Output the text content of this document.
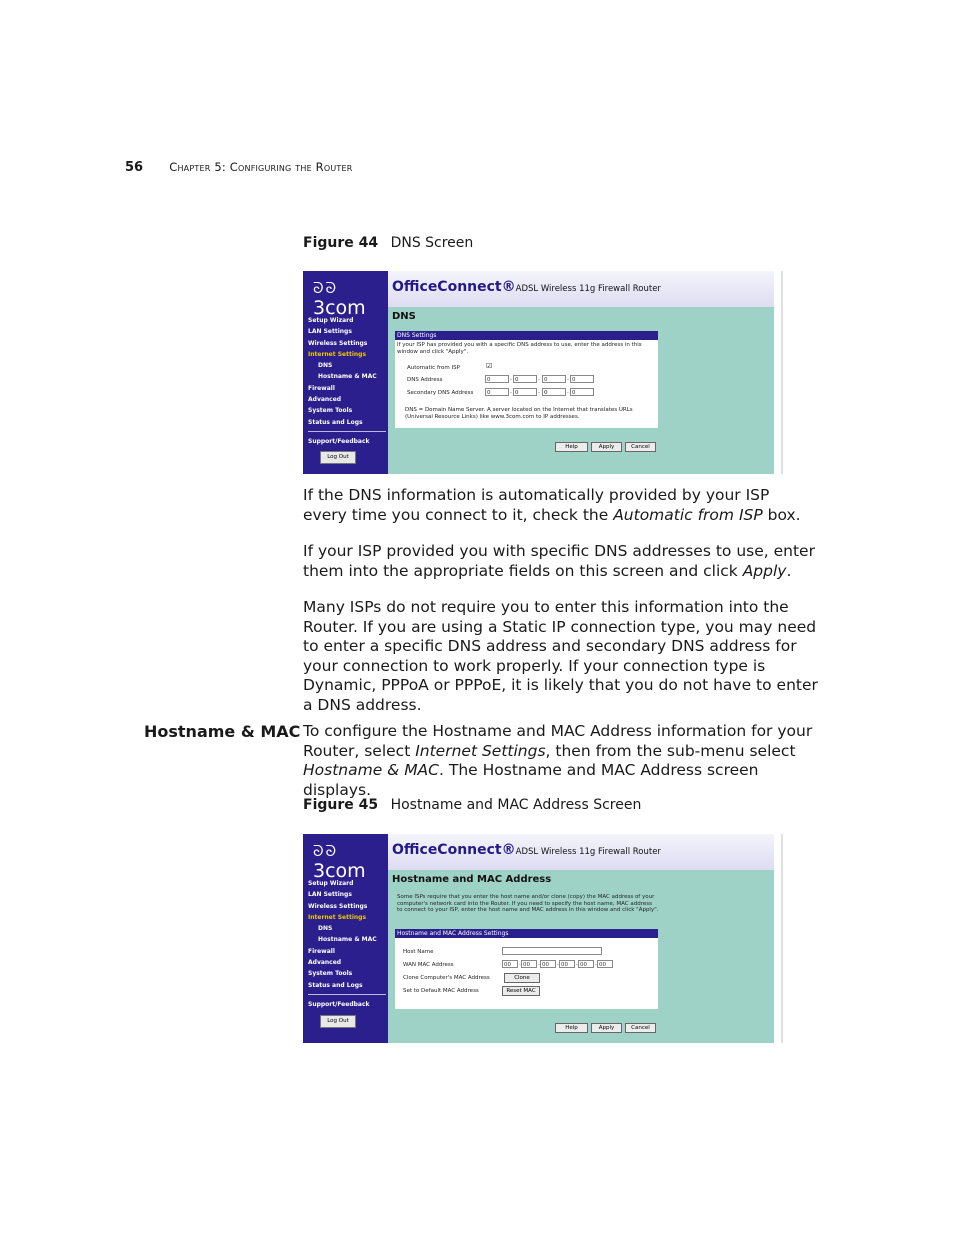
56 Chapter 5: Configuring the Router
Figure 44 DNS Screen
ᘐᘐ
3com
Setup Wizard
LAN Settings
Wireless Settings
Internet Settings
DNS
Hostname & MAC
Firewall
Advanced
System Tools
Status and Logs
Support/Feedback
Log Out
OfficeConnect®ADSL Wireless 11g Firewall Router
DNS
DNS Settings
If your ISP has provided you with a specific DNS address to use, enter the address in this window and click "Apply".
Automatic from ISP	☑
DNS Address	0	. 0	. 0	. 0
Secondary DNS Address	0	. 0	. 0	. 0
DNS = Domain Name Server. A server located on the Internet that translates URLs (Universal Resource Links) like www.3com.com to IP addresses.
Help	Apply	Cancel
If the DNS information is automatically provided by your ISP every time you connect to it, check the Automatic from ISP box.
If your ISP provided you with specific DNS addresses to use, enter them into the appropriate fields on this screen and click Apply.
Many ISPs do not require you to enter this information into the Router. If you are using a Static IP connection type, you may need to enter a specific DNS address and secondary DNS address for your connection to work properly. If your connection type is Dynamic, PPPoA or PPPoE, it is likely that you do not have to enter a DNS address.
Hostname & MAC To configure the Hostname and MAC Address information for your Router, select Internet Settings, then from the sub-menu select Hostname & MAC. The Hostname and MAC Address screen displays.
Figure 45 Hostname and MAC Address Screen
ᘐᘐ
3com
Setup Wizard
LAN Settings
Wireless Settings
Internet Settings
DNS
Hostname & MAC
Firewall
Advanced
System Tools
Status and Logs
Support/Feedback
Log Out
OfficeConnect®ADSL Wireless 11g Firewall Router
Hostname and MAC Address
Some ISPs require that you enter the host name and/or clone (copy) the MAC address of your computer's network card into the Router. If you need to specify the host name, MAC address to connect to your ISP, enter the host name and MAC address in this window and click "Apply".
Hostname and MAC Address Settings
Host Name
WAN MAC Address	00	. 00	. 00	. 00	. 00	. 00
Clone Computer's MAC Address	Clone
Set to Default MAC Address	Reset MAC
Help	Apply	Cancel
